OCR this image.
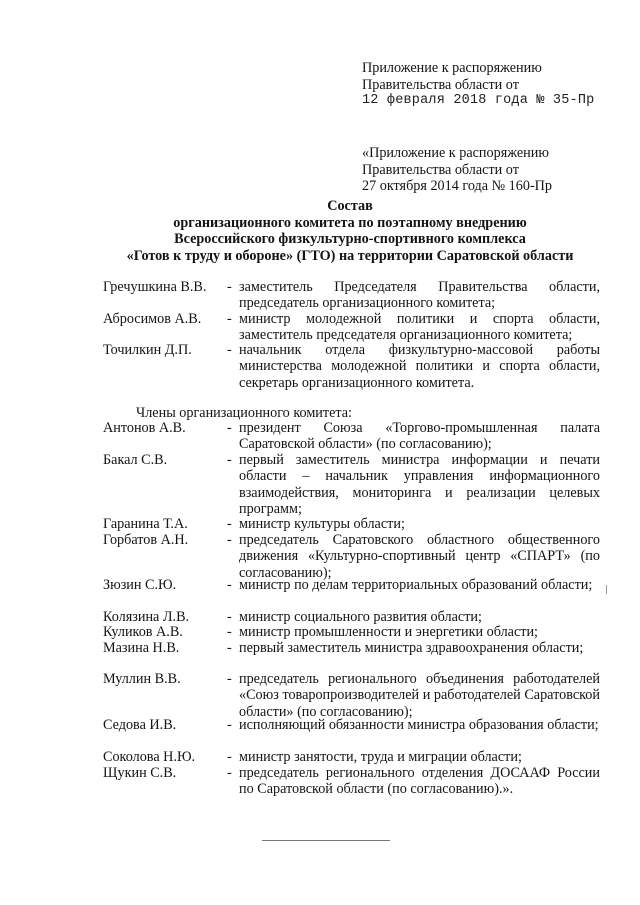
Приложение к распоряжению
Правительства области от
12 февраля 2018 года № 35-Пр
«Приложение к распоряжению
Правительства области от
27 октября 2014 года № 160-Пр
Состав
организационного комитета по поэтапному внедрению
Всероссийского физкультурно-спортивного комплекса
«Готов к труду и обороне» (ГТО) на территории Саратовской области
Гречушкина В.В. - заместитель Председателя Правительства области, председатель организационного комитета;
Абросимов А.В. - министр молодежной политики и спорта области, заместитель председателя организационного комитета;
Точилкин Д.П. - начальник отдела физкультурно-массовой работы министерства молодежной политики и спорта области, секретарь организационного комитета.
Члены организационного комитета:
Антонов А.В.	- президент Союза «Торгово-промышленная палата Саратовской области» (по согласованию);
Бакал С.В.	- первый заместитель министра информации и печати области – начальник управления информационного взаимодействия, мониторинга и реализации целевых программ;
Гаранина Т.А.	- министр культуры области;
Горбатов А.Н.	- председатель Саратовского областного общественного движения «Культурно-спортивный центр «СПАРТ» (по согласованию);
Зюзин С.Ю.	- министр по делам территориальных образований области;
Колязина Л.В.	- министр социального развития области;
Куликов А.В.	- министр промышленности и энергетики области;
Мазина Н.В.	- первый заместитель министра здравоохранения области;
Муллин В.В.	- председатель регионального объединения работодателей «Союз товаропроизводителей и работодателей Саратовской области» (по согласованию);
Седова И.В.	- исполняющий обязанности министра образования области;
Соколова Н.Ю. - министр занятости, труда и миграции области;
Щукин С.В.	- председатель регионального отделения ДОСААФ России по Саратовской области (по согласованию).».
